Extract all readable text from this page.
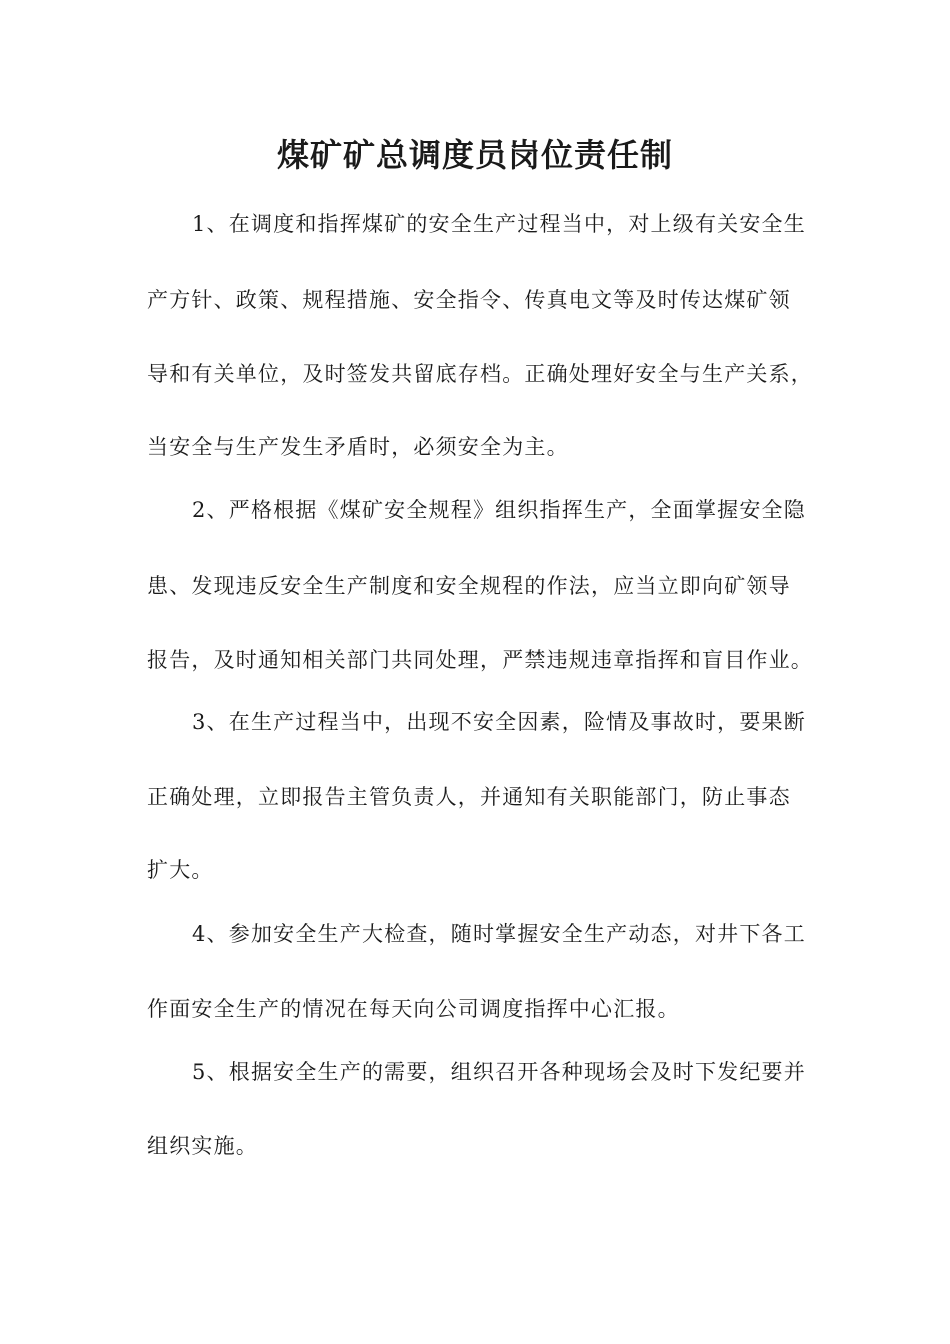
煤矿矿总调度员岗位责任制
1、在调度和指挥煤矿的安全生产过程当中，对上级有关安全生
产方针、政策、规程措施、安全指令、传真电文等及时传达煤矿领
导和有关单位，及时签发共留底存档。正确处理好安全与生产关系，
当安全与生产发生矛盾时，必须安全为主。
2、严格根据《煤矿安全规程》组织指挥生产，全面掌握安全隐
患、发现违反安全生产制度和安全规程的作法，应当立即向矿领导
报告，及时通知相关部门共同处理，严禁违规违章指挥和盲目作业。
3、在生产过程当中，出现不安全因素，险情及事故时，要果断
正确处理，立即报告主管负责人，并通知有关职能部门，防止事态
扩大。
4、参加安全生产大检查，随时掌握安全生产动态，对井下各工
作面安全生产的情况在每天向公司调度指挥中心汇报。
5、根据安全生产的需要，组织召开各种现场会及时下发纪要并
组织实施。
